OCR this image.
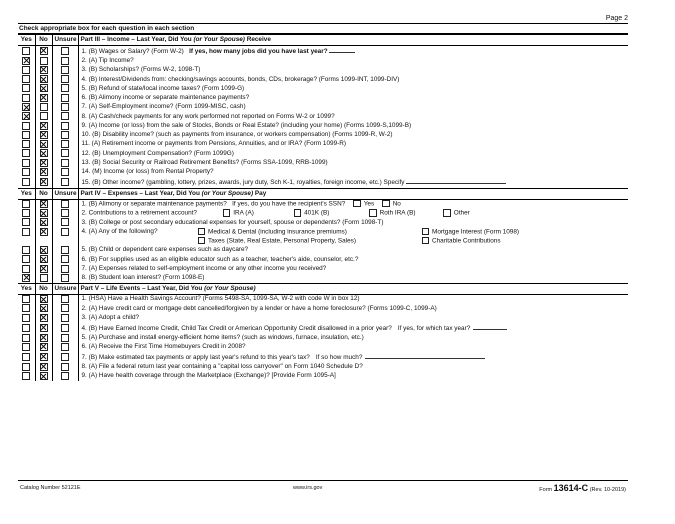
Page 2
Check appropriate box for each question in each section
Yes	No	Unsure	Part III – Income – Last Year, Did You (or Your Spouse) Receive
			1. (B) Wages or Salary? (Form W-2) If yes, how many jobs did you have last year?
			2. (A) Tip Income?
			3. (B) Scholarships? (Forms W-2, 1098-T)
			4. (B) Interest/Dividends from: checking/savings accounts, bonds, CDs, brokerage? (Forms 1099-INT, 1099-DIV)
			5. (B) Refund of state/local income taxes? (Form 1099-G)
			6. (B) Alimony income or separate maintenance payments?
			7. (A) Self-Employment income? (Form 1099-MISC, cash)
			8. (A) Cash/check payments for any work performed not reported on Forms W-2 or 1099?
			9. (A) Income (or loss) from the sale of Stocks, Bonds or Real Estate? (including your home) (Forms 1099-S,1099-B)
			10. (B) Disability income? (such as payments from insurance, or workers compensation) (Forms 1099-R, W-2)
			11. (A) Retirement income or payments from Pensions, Annuities, and or IRA? (Form 1099-R)
			12. (B) Unemployment Compensation? (Form 1099G)
			13. (B) Social Security or Railroad Retirement Benefits? (Forms SSA-1099, RRB-1099)
			14. (M) Income (or loss) from Rental Property?
			15. (B) Other income? (gambling, lottery, prizes, awards, jury duty, Sch K-1, royalties, foreign income, etc.) Specify
Yes	No	Unsure	Part IV – Expenses – Last Year, Did You (or Your Spouse) Pay
			1. (B) Alimony or separate maintenance payments? If yes, do you have the recipient's SSN? Yes No
			2. Contributions to a retirement account? IRA (A) 401K (B) Roth IRA (B) Other
			3. (B) College or post secondary educational expenses for yourself, spouse or dependents? (Form 1098-T)
			4. (A) Any of the following? Medical & Dental (including insurance premiums) Mortgage Interest (Form 1098)
			Taxes (State, Real Estate, Personal Property, Sales) Charitable Contributions
			5. (B) Child or dependent care expenses such as daycare?
			6. (B) For supplies used as an eligible educator such as a teacher, teacher's aide, counselor, etc.?
			7. (A) Expenses related to self-employment income or any other income you received?
			8. (B) Student loan interest? (Form 1098-E)
Yes	No	Unsure	Part V – Life Events – Last Year, Did You (or Your Spouse)
			1. (HSA) Have a Health Savings Account? (Forms 5498-SA, 1099-SA, W-2 with code W in box 12)
			2. (A) Have credit card or mortgage debt cancelled/forgiven by a lender or have a home foreclosure? (Forms 1099-C, 1099-A)
			3. (A) Adopt a child?
			4. (B) Have Earned Income Credit, Child Tax Credit or American Opportunity Credit disallowed in a prior year? If yes, for which tax year?
			5. (A) Purchase and install energy-efficient home items? (such as windows, furnace, insulation, etc.)
			6. (A) Receive the First Time Homebuyers Credit in 2008?
			7. (B) Make estimated tax payments or apply last year's refund to this year's tax? If so how much?
			8. (A) File a federal return last year containing a "capital loss carryover" on Form 1040 Schedule D?
			9. (A) Have health coverage through the Marketplace (Exchange)? [Provide Form 1095-A]
Catalog Number 52121E	www.irs.gov	Form 13614-C (Rev. 10-2019)
